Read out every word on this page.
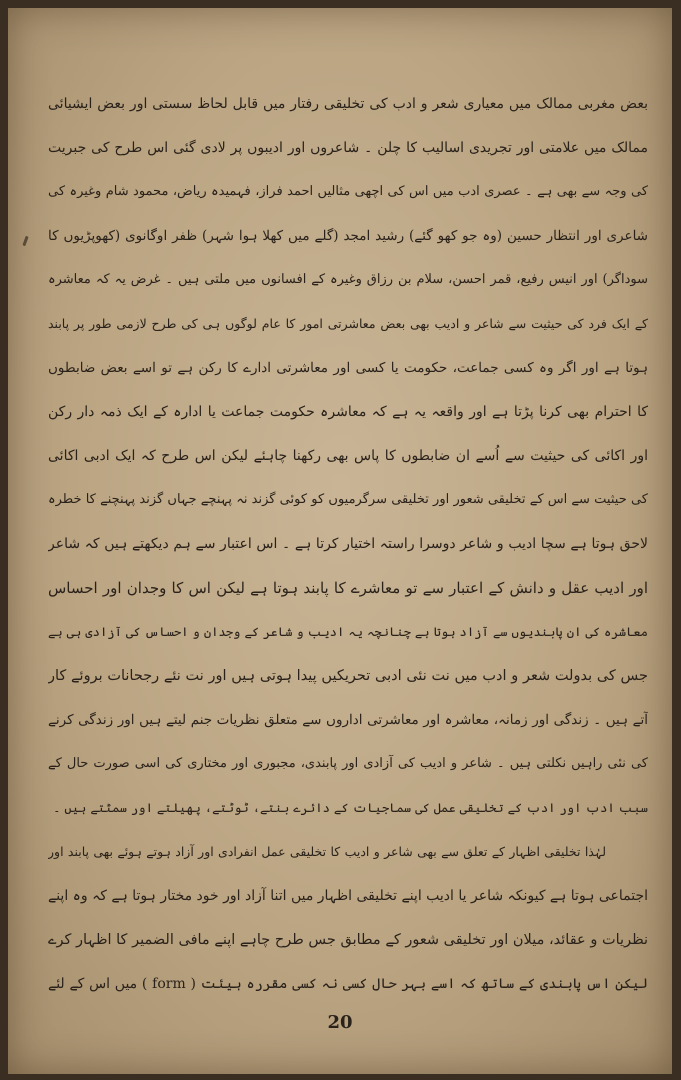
بعض مغربی ممالک میں معیاری شعر و ادب کی تخلیقی رفتار میں قابل لحاظ سستی اور بعض ایشیائی
ممالک میں علامتی اور تجریدی اسالیب کا چلن ۔ شاعروں اور ادیبوں پر لادی گئی اس طرح کی جبریت
کی وجہ سے بھی ہے ۔ عصری ادب میں اس کی اچھی مثالیں احمد فراز، فہمیدہ ریاض، محمود شام وغیرہ کی
شاعری اور انتظار حسین (وہ جو کھو گئے) رشید امجد (گلے میں کھلا ہوا شہر) ظفر اوگانوی (کھوپڑیوں کا
سوداگر) اور انیس رفیع، قمر احسن، سلام بن رزاق وغیرہ کے افسانوں میں ملتی ہیں ۔ غرض یہ کہ معاشرہ
کے ایک فرد کی حیثیت سے شاعر و ادیب بھی بعض معاشرتی امور کا عام لوگوں ہی کی طرح لازمی طور پر پابند
ہوتا ہے اور اگر وہ کسی جماعت، حکومت یا کسی اور معاشرتی ادارے کا رکن ہے تو اسے بعض ضابطوں
کا احترام بھی کرنا پڑتا ہے اور واقعہ یہ ہے کہ معاشرہ حکومت جماعت یا ادارہ کے ایک ذمہ دار رکن
اور اکائی کی حیثیت سے اُسے ان ضابطوں کا پاس بھی رکھنا چاہئے لیکن اس طرح کہ ایک ادبی اکائی
کی حیثیت سے اس کے تخلیقی شعور اور تخلیقی سرگرمیوں کو کوئی گزند نہ پہنچے جہاں گزند پہنچنے کا خطرہ
لاحق ہوتا ہے سچا ادیب و شاعر دوسرا راستہ اختیار کرتا ہے ۔ اس اعتبار سے ہم دیکھتے ہیں کہ شاعر
اور ادیب عقل و دانش کے اعتبار سے تو معاشرے کا پابند ہوتا ہے لیکن اس کا وجدان اور احساس
معاشرہ کی ان پابندیوں سے آزاد ہوتا ہے چنانچہ یہ ادیب و شاعر کے وجدان و احساس کی آزادی ہی ہے
جس کی بدولت شعر و ادب میں نت نئی ادبی تحریکیں پیدا ہوتی ہیں اور نت نئے رجحانات بروئے کار
آتے ہیں ۔ زندگی اور زمانہ، معاشرہ اور معاشرتی اداروں سے متعلق نظریات جنم لیتے ہیں اور زندگی کرنے
کی نئی راہیں نکلتی ہیں ۔ شاعر و ادیب کی آزادی اور پابندی، مجبوری اور مختاری کی اسی صورت حال کے
سبب ادب اور ادب کے تخلیقی عمل کی سماجیات کے دائرے بنتے، ٹوٹتے، پھیلتے اور سمٹتے ہیں ۔
لہٰذا تخلیقی اظہار کے تعلق سے بھی شاعر و ادیب کا تخلیقی عمل انفرادی اور آزاد ہوتے ہوئے بھی پابند اور
اجتماعی ہوتا ہے کیونکہ شاعر یا ادیب اپنے تخلیقی اظہار میں اتنا آزاد اور خود مختار ہوتا ہے کہ وہ اپنے
نظریات و عقائد، میلان اور تخلیقی شعور کے مطابق جس طرح چاہے اپنے مافی الضمیر کا اظہار کرے
لیکن اس پابندی کے ساتھ کہ اسے بہر حال کسی نہ کسی مقررہ ہیئت ( form ) میں اس کے لئے
20
